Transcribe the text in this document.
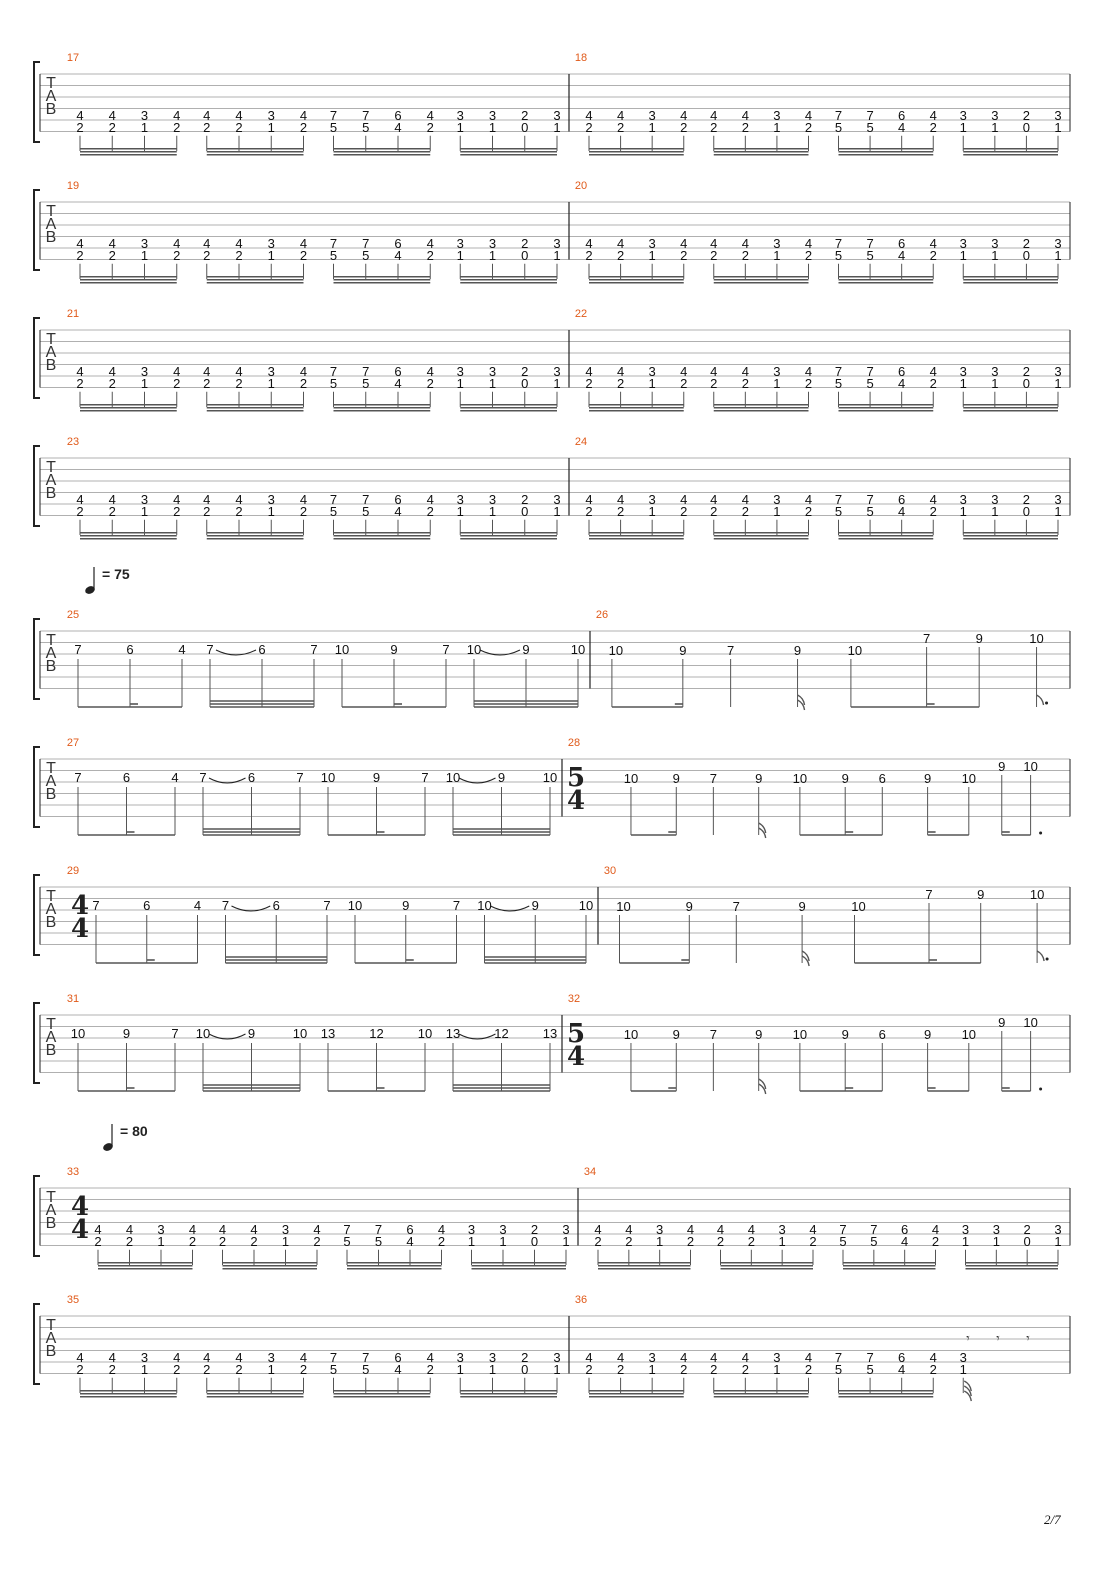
T
A
B
17
4
2
4
2
3
1
4
2
4
2
4
2
3
1
4
2
7
5
7
5
6
4
4
2
3
1
3
1
2
0
3
1
18
4
2
4
2
3
1
4
2
4
2
4
2
3
1
4
2
7
5
7
5
6
4
4
2
3
1
3
1
2
0
3
1
T
A
B
19
4
2
4
2
3
1
4
2
4
2
4
2
3
1
4
2
7
5
7
5
6
4
4
2
3
1
3
1
2
0
3
1
20
4
2
4
2
3
1
4
2
4
2
4
2
3
1
4
2
7
5
7
5
6
4
4
2
3
1
3
1
2
0
3
1
T
A
B
21
4
2
4
2
3
1
4
2
4
2
4
2
3
1
4
2
7
5
7
5
6
4
4
2
3
1
3
1
2
0
3
1
22
4
2
4
2
3
1
4
2
4
2
4
2
3
1
4
2
7
5
7
5
6
4
4
2
3
1
3
1
2
0
3
1
T
A
B
23
4
2
4
2
3
1
4
2
4
2
4
2
3
1
4
2
7
5
7
5
6
4
4
2
3
1
3
1
2
0
3
1
24
4
2
4
2
3
1
4
2
4
2
4
2
3
1
4
2
7
5
7
5
6
4
4
2
3
1
3
1
2
0
3
1
T
A
B
= 75
25
7	6	4 7	6	7 10	9	7 10	9	10
26
10	9	7	9	10
7	9	10
T
A
B
27
7	6	4 7	6	7 10	9	7 10	9	10
28
5
4
10	9 7	9 10	9 6	9 10
9 10
T
A
B
29
4
4
7	6	4 7	6	7 10	9	7 10	9	10
30
10	9	7	9	10
7	9	10
T
A
B
31
10	9	7 10	9	10 13	12	10 13	12	13
32
5
4
10	9 7	9 10	9 6	9 10
9 10
T
A
B
= 80
33
4
4 4
2
4
2
3
1
4
2
4
2
4
2
3
1
4
2
7
5
7
5
6
4
4
2
3
1
3
1
2
0
3
1
34
4
2
4
2
3
1
4
2
4
2
4
2
3
1
4
2
7
5
7
5
6
4
4
2
3
1
3
1
2
0
3
1
T
A
B
35
4
2
4
2
3
1
4
2
4
2
4
2
3
1
4
2
7
5
7
5
6
4
4
2
3
1
3
1
2
0
3
1
36
4
2
4
2
3
1
4
2
4
2
4
2
3
1
4
2
7
5
7
5
6
4
4
2
3
1
𝄾 𝄾 𝄾
2/7
